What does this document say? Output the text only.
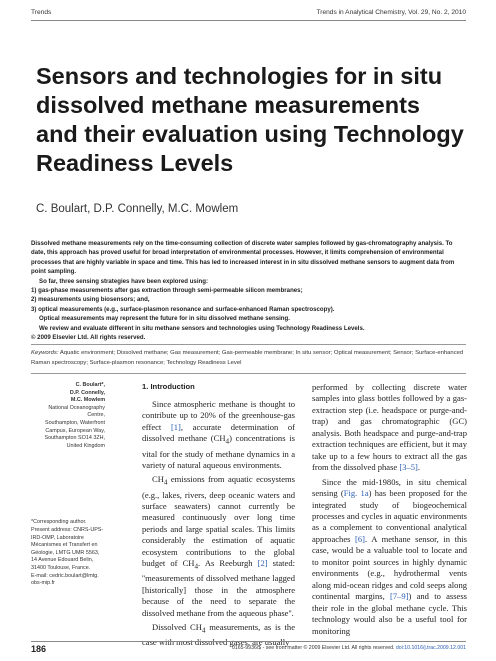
Trends	Trends in Analytical Chemistry, Vol. 29, No. 2, 2010
Sensors and technologies for in situ dissolved methane measurements and their evaluation using Technology Readiness Levels
C. Boulart, D.P. Connelly, M.C. Mowlem

Dissolved methane measurements rely on the time-consuming collection of discrete water samples followed by gas-chromatography analysis. To date, this approach has proved useful for broad interpretation of environmental processes. However, it limits comprehension of environmental processes that are highly variable in space and time. This has led to increased interest in in situ dissolved methane sensors to augment data from point sampling.

So far, three sensing strategies have been explored using:

1) gas-phase measurements after gas extraction through semi-permeable silicon membranes;
2) measurements using biosensors; and,
3) optical measurements (e.g., surface-plasmon resonance and surface-enhanced Raman spectroscopy).

Optical measurements may represent the future for in situ dissolved methane sensing.

We review and evaluate different in situ methane sensors and technologies using Technology Readiness Levels.

© 2009 Elsevier Ltd. All rights reserved.

Keywords: Aquatic environment; Dissolved methane; Gas measurement; Gas-permeable membrane; In situ sensor; Optical measurement; Sensor; Surface-enhanced Raman spectroscopy; Surface-plasmon resonance; Technology Readiness Level
C. Boulart*,
D.P. Connelly,
M.C. Mowlem
National Oceanography Centre,
Southampton, Waterfront
Campus, European Way,
Southampton SO14 3ZH,
United Kingdom
*Corresponding author.
Present address: CNRS-UPS-
IRD-OMP, Laboratoire
Mécanismes et Transfert en
Géologie, LMTG UMR 5563,
14 Avenue Edouard Belin,
31400 Toulouse, France.
E-mail: cedric.boulart@lmtg.
obs-mip.fr
1. Introduction

Since atmospheric methane is thought to contribute up to 20% of the greenhouse-gas effect [1], accurate determination of dissolved methane $(CH_4)$ concentrations is vital for the study of methane dynamics in a variety of natural aqueous environments.

$CH_4$ emissions from aquatic ecosystems (e.g., lakes, rivers, deep oceanic waters and surface seawaters) cannot currently be measured continuously over long time periods and large spatial scales. This limits considerably the estimation of aquatic ecosystem contributions to the global budget of $CH_4$. As Reeburgh [2] stated: ''measurements of dissolved methane lagged [historically] those in the atmosphere because of the need to separate the dissolved methane from the aqueous phase''.

Dissolved $CH_4$ measurements, as is the case with most dissolved gases, are usually

performed by collecting discrete water samples into glass bottles followed by a gas-extraction step (i.e. headspace or purge-and-trap) and gas chromatographic (GC) analysis. Both headspace and purge-and-trap extraction techniques are efficient, but it may take up to a few hours to extract all the gas from the dissolved phase [3–5].

Since the mid-1980s, in situ chemical sensing (Fig. 1a) has been proposed for the integrated study of biogeochemical processes and cycles in aquatic environments as a complement to conventional analytical approaches [6]. A methane sensor, in this case, would be a valuable tool to locate and to monitor point sources in highly dynamic environments (e.g., hydrothermal vents along mid-ocean ridges and cold seeps along continental margins, [7–9]) and to assess their role in the global methane cycle. This technology would also be a useful tool for monitoring

186	0165-9936/$ - see front matter © 2009 Elsevier Ltd. All rights reserved. doi:10.1016/j.trac.2009.12.001
